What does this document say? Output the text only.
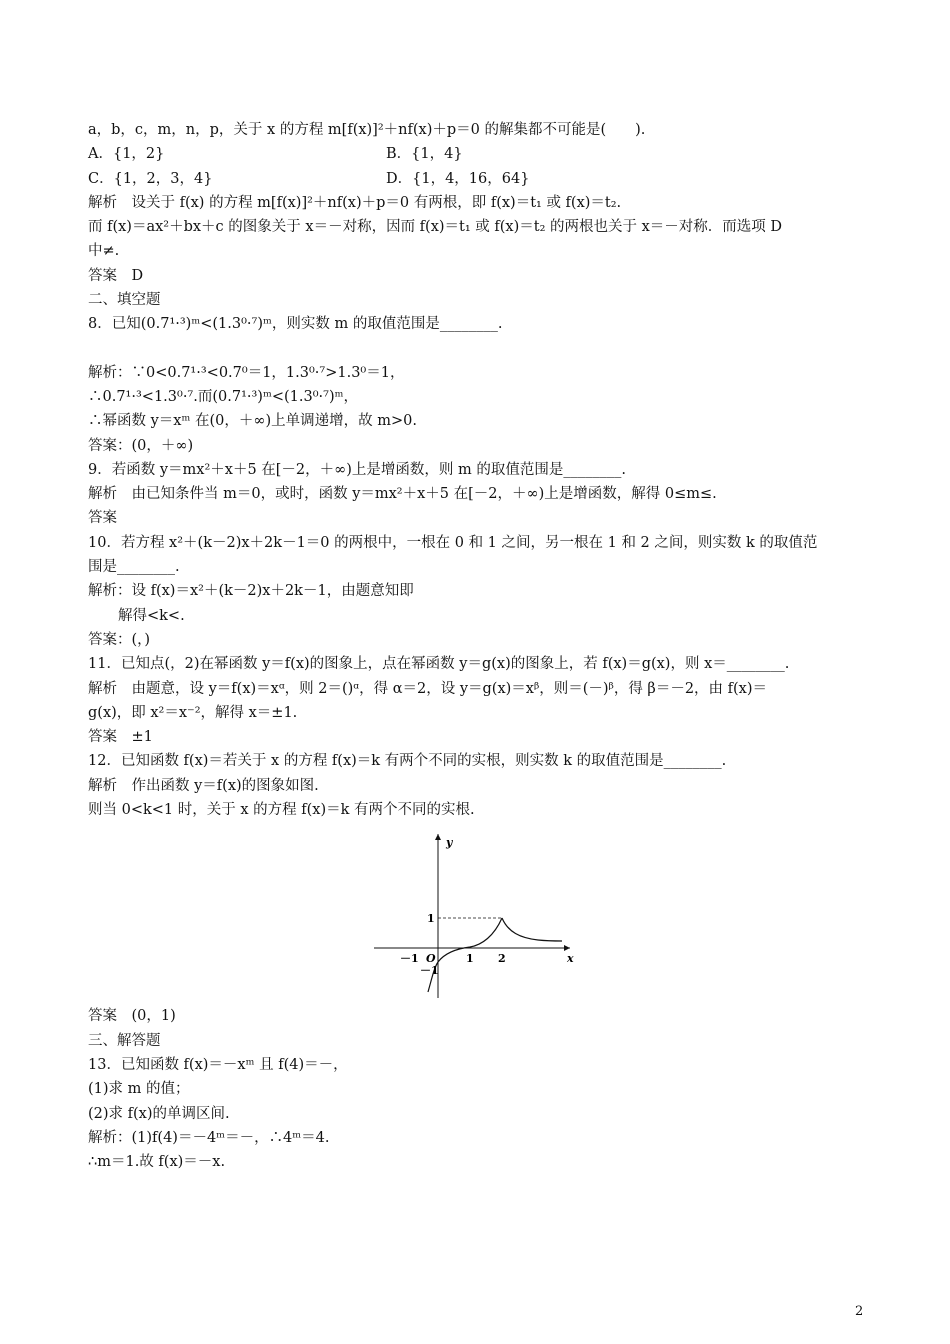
a，b，c，m，n，p，关于 x 的方程 m[f(x)]²＋nf(x)＋p＝0 的解集都不可能是(　　).
A．{1，2}	B．{1，4}
C．{1，2，3，4}	D．{1，4，16，64}
解析　设关于 f(x) 的方程 m[f(x)]²＋nf(x)＋p＝0 有两根，即 f(x)＝t₁ 或 f(x)＝t₂.
而 f(x)＝ax²＋bx＋c 的图象关于 x＝－对称，因而 f(x)＝t₁ 或 f(x)＝t₂ 的两根也关于 x＝－对称．而选项 D
中≠.
答案　D
二、填空题
8．已知(0.7¹·³)ᵐ<(1.3⁰·⁷)ᵐ，则实数 m 的取值范围是________.
解析：∵0<0.7¹·³<0.7⁰＝1，1.3⁰·⁷>1.3⁰＝1，
∴0.7¹·³<1.3⁰·⁷.而(0.7¹·³)ᵐ<(1.3⁰·⁷)ᵐ，
∴幂函数 y＝xᵐ 在(0，＋∞)上单调递增，故 m>0.
答案：(0，＋∞)
9．若函数 y＝mx²＋x＋5 在[－2，＋∞)上是增函数，则 m 的取值范围是________.
解析　由已知条件当 m＝0，或时，函数 y＝mx²＋x＋5 在[－2，＋∞)上是增函数，解得 0≤m≤.
答案
10．若方程 x²＋(k－2)x＋2k－1＝0 的两根中，一根在 0 和 1 之间，另一根在 1 和 2 之间，则实数 k 的取值范
围是________.
解析：设 f(x)＝x²＋(k－2)x＋2k－1，由题意知即
解得<k<.
答案：(，)
11．已知点(，2)在幂函数 y＝f(x)的图象上，点在幂函数 y＝g(x)的图象上，若 f(x)＝g(x)，则 x＝________.
解析　由题意，设 y＝f(x)＝xᵅ，则 2＝()ᵅ，得 α＝2，设 y＝g(x)＝xᵝ，则＝(－)ᵝ，得 β＝－2，由 f(x)＝
g(x)，即 x²＝x⁻²，解得 x＝±1.
答案　±1
12．已知函数 f(x)＝若关于 x 的方程 f(x)＝k 有两个不同的实根，则实数 k 的取值范围是________.
解析　作出函数 y＝f(x)的图象如图.
则当 0<k<1 时，关于 x 的方程 f(x)＝k 有两个不同的实根.
y
x
1
－1 O	1 2
－1
答案　(0，1)
三、解答题
13．已知函数 f(x)＝－xᵐ 且 f(4)＝－，
(1)求 m 的值；
(2)求 f(x)的单调区间.
解析：(1)f(4)＝－4ᵐ＝－，∴4ᵐ＝4.
∴m＝1.故 f(x)＝－x.
2
